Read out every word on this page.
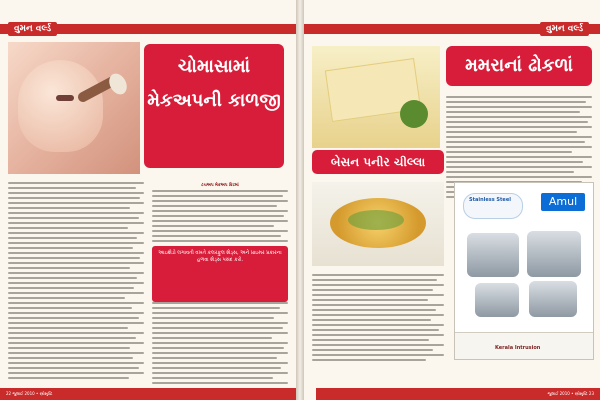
વુમન વર્લ્ડ
ચોમાસામાં મેકઅપની કાળજી
ટચઅપ મેકઅપ કિટમાં
આઇશેડો લગાવતી વખતે કલરફુલ શેડ્સ, અને પ્રાઇમર પ્રકારના હળવા શેડ્સ પસંદ કરો.
22 જુલાઈ 2010 • સ્ત્રીસૃષ્ટિ
વુમન વર્લ્ડ
મમરાનાં ઢોકળાં
બેસન પનીર ચીલ્લા
Stainless Steel	Amul
Kerala Intrusion
જુલાઈ 2010 • સ્ત્રીસૃષ્ટિ 23
